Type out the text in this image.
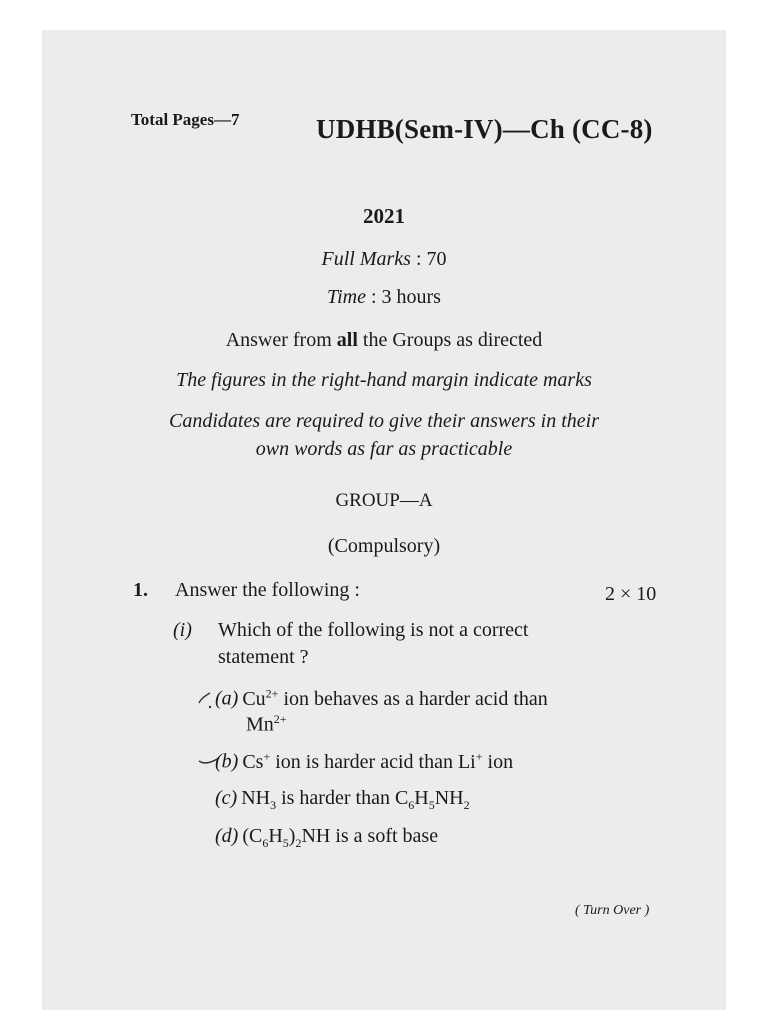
Total Pages—7	UDHB(Sem-IV)—Ch (CC-8)
2021
Full Marks : 70
Time : 3 hours
Answer from all the Groups as directed
The figures in the right-hand margin indicate marks
Candidates are required to give their answers in their
own words as far as practicable
GROUP—A
(Compulsory)
1. Answer the following :	2 × 10
(i) Which of the following is not a correct
statement ?
(a) $Cu^{2+}$ ion behaves as a harder acid than
$Mn^{2+}$
(b) Cs+ ion is harder acid than Li+ ion
(c) $NH_3$ is harder than $C_6H_5NH_2$
(d) $(C_6H_5)_2NH$ is a soft base
( Turn Over )
